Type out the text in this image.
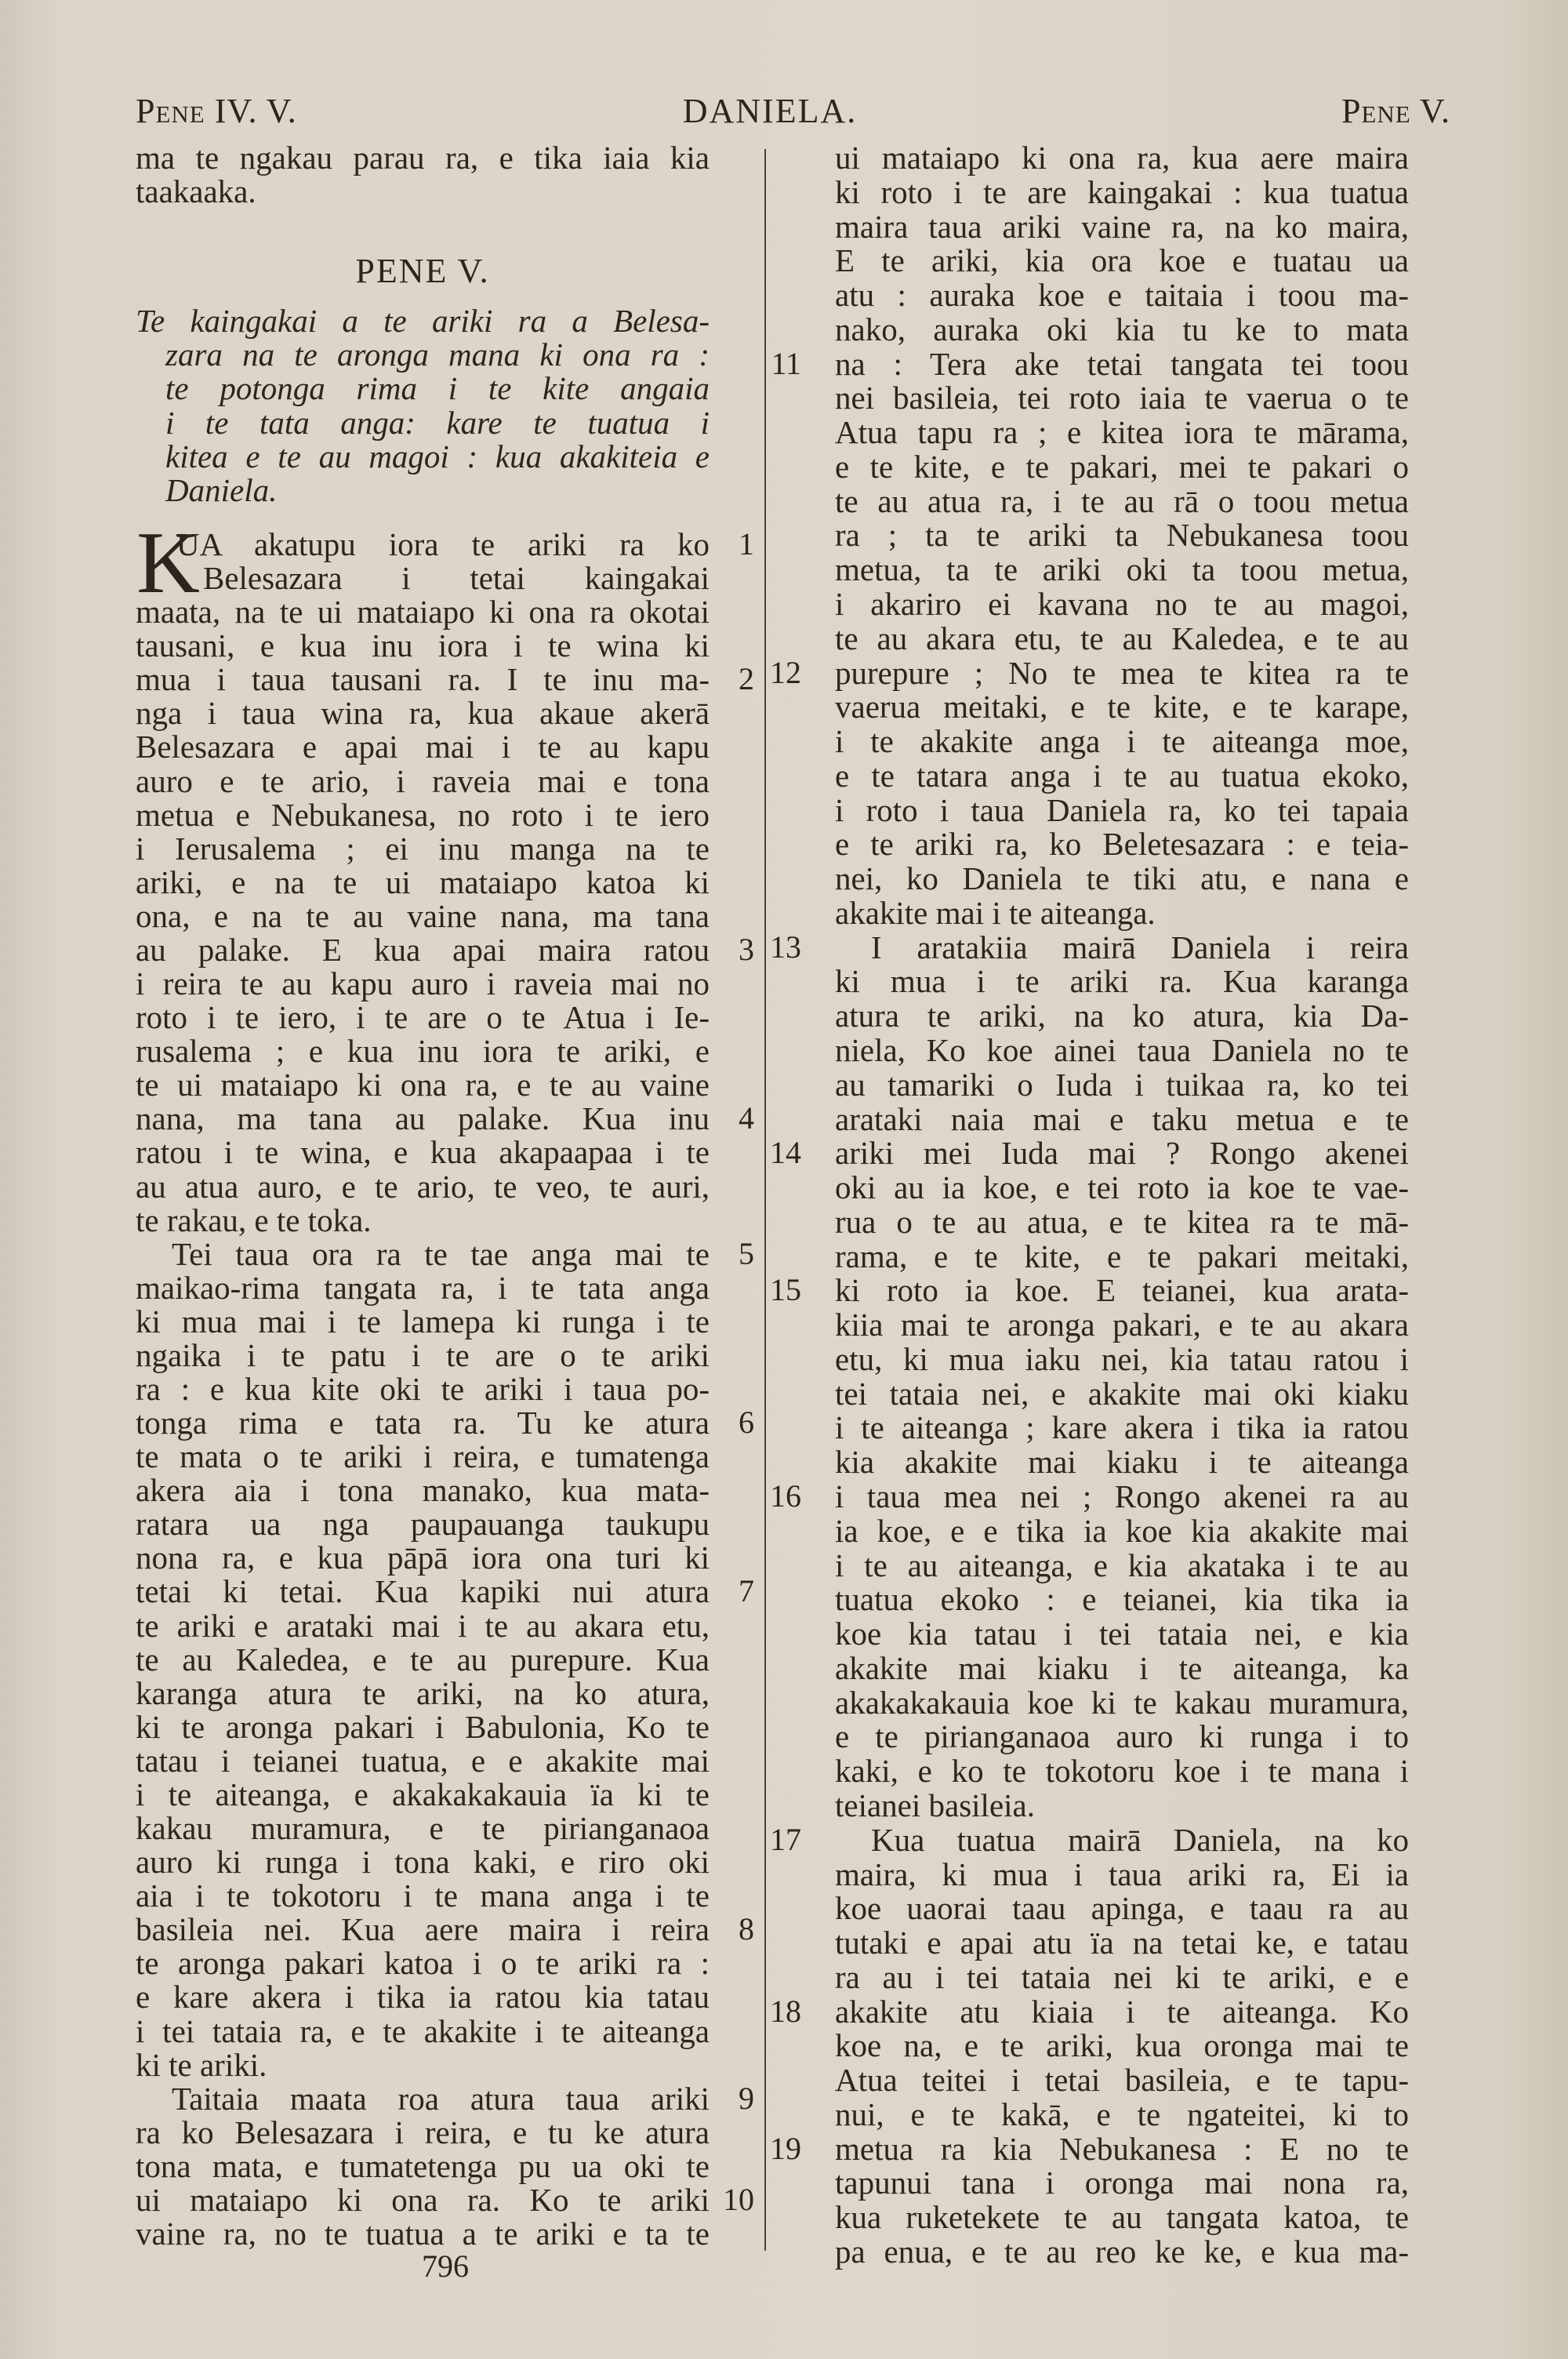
Pene IV. V.	DANIELA.	Pene V.
PENE V.
K
ma te ngakau parau ra, e tika iaia kia
taakaaka.
Te kaingakai a te ariki ra a Belesa-
zara na te aronga mana ki ona ra :
te potonga rima i te kite angaia
i te tata anga: kare te tuatua i
kitea e te au magoi : kua akakiteia e
Daniela.
UA akatupu iora te ariki ra ko 1
Belesazara i tetai kaingakai
maata, na te ui mataiapo ki ona ra okotai
tausani, e kua inu iora i te wina ki
mua i taua tausani ra. I te inu ma- 2
nga i taua wina ra, kua akaue akerā
Belesazara e apai mai i te au kapu
auro e te ario, i raveia mai e tona
metua e Nebukanesa, no roto i te iero
i Ierusalema ; ei inu manga na te
ariki, e na te ui mataiapo katoa ki
ona, e na te au vaine nana, ma tana
au palake. E kua apai maira ratou 3
i reira te au kapu auro i raveia mai no
roto i te iero, i te are o te Atua i Ie-
rusalema ; e kua inu iora te ariki, e
te ui mataiapo ki ona ra, e te au vaine
nana, ma tana au palake. Kua inu 4
ratou i te wina, e kua akapaapaa i te
au atua auro, e te ario, te veo, te auri,
te rakau, e te toka.
Tei taua ora ra te tae anga mai te 5
maikao-rima tangata ra, i te tata anga
ki mua mai i te lamepa ki runga i te
ngaika i te patu i te are o te ariki
ra : e kua kite oki te ariki i taua po-
tonga rima e tata ra. Tu ke atura 6
te mata o te ariki i reira, e tumatenga
akera aia i tona manako, kua mata-
ratara ua nga paupauanga taukupu
nona ra, e kua pāpā iora ona turi ki
tetai ki tetai. Kua kapiki nui atura 7
te ariki e arataki mai i te au akara etu,
te au Kaledea, e te au purepure. Kua
karanga atura te ariki, na ko atura,
ki te aronga pakari i Babulonia, Ko te
tatau i teianei tuatua, e e akakite mai
i te aiteanga, e akakakakauia ïa ki te
kakau muramura, e te pirianganaoa
auro ki runga i tona kaki, e riro oki
aia i te tokotoru i te mana anga i te
basileia nei. Kua aere maira i reira 8
te aronga pakari katoa i o te ariki ra :
e kare akera i tika ia ratou kia tatau
i tei tataia ra, e te akakite i te aiteanga
ki te ariki.
Taitaia maata roa atura taua ariki 9
ra ko Belesazara i reira, e tu ke atura
tona mata, e tumatetenga pu ua oki te
ui mataiapo ki ona ra. Ko te ariki 10
vaine ra, no te tuatua a te ariki e ta te
ui mataiapo ki ona ra, kua aere maira
ki roto i te are kaingakai : kua tuatua
maira taua ariki vaine ra, na ko maira,
E te ariki, kia ora koe e tuatau ua
atu : auraka koe e taitaia i toou ma-
nako, auraka oki kia tu ke to mata
na : Tera ake tetai tangata tei toou
11
nei basileia, tei roto iaia te vaerua o te
Atua tapu ra ; e kitea iora te mārama,
e te kite, e te pakari, mei te pakari o
te au atua ra, i te au rā o toou metua
ra ; ta te ariki ta Nebukanesa toou
metua, ta te ariki oki ta toou metua,
i akariro ei kavana no te au magoi,
te au akara etu, te au Kaledea, e te au
purepure ; No te mea te kitea ra te
12
vaerua meitaki, e te kite, e te karape,
i te akakite anga i te aiteanga moe,
e te tatara anga i te au tuatua ekoko,
i roto i taua Daniela ra, ko tei tapaia
e te ariki ra, ko Beletesazara : e teia-
nei, ko Daniela te tiki atu, e nana e
akakite mai i te aiteanga.
I aratakiia mairā Daniela i reira
13
ki mua i te ariki ra. Kua karanga
atura te ariki, na ko atura, kia Da-
niela, Ko koe ainei taua Daniela no te
au tamariki o Iuda i tuikaa ra, ko tei
arataki naia mai e taku metua e te
ariki mei Iuda mai ? Rongo akenei
14
oki au ia koe, e tei roto ia koe te vae-
rua o te au atua, e te kitea ra te mā-
rama, e te kite, e te pakari meitaki,
ki roto ia koe. E teianei, kua arata-
15
kiia mai te aronga pakari, e te au akara
etu, ki mua iaku nei, kia tatau ratou i
tei tataia nei, e akakite mai oki kiaku
i te aiteanga ; kare akera i tika ia ratou
kia akakite mai kiaku i te aiteanga
i taua mea nei ; Rongo akenei ra au
16
ia koe, e e tika ia koe kia akakite mai
i te au aiteanga, e kia akataka i te au
tuatua ekoko : e teianei, kia tika ia
koe kia tatau i tei tataia nei, e kia
akakite mai kiaku i te aiteanga, ka
akakakakauia koe ki te kakau muramura,
e te pirianganaoa auro ki runga i to
kaki, e ko te tokotoru koe i te mana i
teianei basileia.
Kua tuatua mairā Daniela, na ko
17
maira, ki mua i taua ariki ra, Ei ia
koe uaorai taau apinga, e taau ra au
tutaki e apai atu ïa na tetai ke, e tatau
ra au i tei tataia nei ki te ariki, e e
akakite atu kiaia i te aiteanga. Ko
18
koe na, e te ariki, kua oronga mai te
Atua teitei i tetai basileia, e te tapu-
nui, e te kakā, e te ngateitei, ki to
metua ra kia Nebukanesa : E no te
19
tapunui tana i oronga mai nona ra,
kua ruketekete te au tangata katoa, te
pa enua, e te au reo ke ke, e kua ma-
796
